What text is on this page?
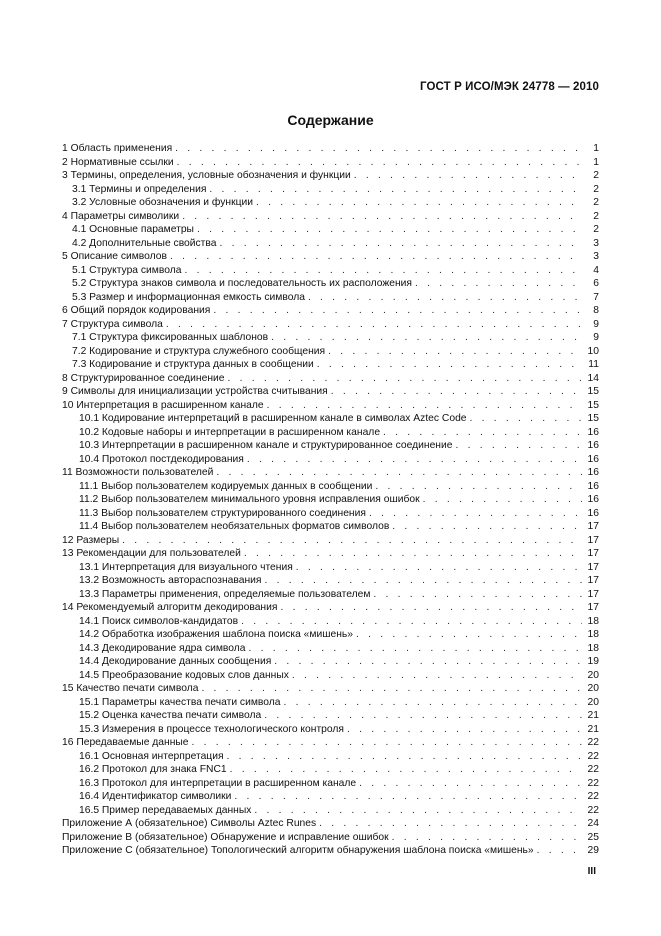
ГОСТ Р ИСО/МЭК 24778 — 2010
Содержание
1 Область применения . . .	1
2 Нормативные ссылки . . .	1
3 Термины, определения, условные обозначения и функции . . .	2
3.1 Термины и определения . . .	2
3.2 Условные обозначения и функции . . .	2
4 Параметры символики . . .	2
4.1 Основные параметры . . .	2
4.2 Дополнительные свойства . . .	3
5 Описание символов . . .	3
5.1 Структура символа . . .	4
5.2 Структура знаков символа и последовательность их расположения . . .	6
5.3 Размер и информационная емкость символа . . .	7
6 Общий порядок кодирования . . .	8
7 Структура символа . . .	9
7.1 Структура фиксированных шаблонов . . .	9
7.2 Кодирование и структура служебного сообщения . . .	10
7.3 Кодирование и структура данных в сообщении . . .	11
8 Структурированное соединение . . .	14
9 Символы для инициализации устройства считывания . . .	15
10 Интерпретация в расширенном канале . . .	15
10.1 Кодирование интерпретаций в расширенном канале в символах Aztec Code . . .	15
10.2 Кодовые наборы и интерпретации в расширенном канале . . .	16
10.3 Интерпретации в расширенном канале и структурированное соединение . . .	16
10.4 Протокол постдекодирования . . .	16
11 Возможности пользователей . . .	16
11.1 Выбор пользователем кодируемых данных в сообщении . . .	16
11.2 Выбор пользователем минимального уровня исправления ошибок . . .	16
11.3 Выбор пользователем структурированного соединения . . .	16
11.4 Выбор пользователем необязательных форматов символов . . .	17
12 Размеры . . .	17
13 Рекомендации для пользователей . . .	17
13.1 Интерпретация для визуального чтения . . .	17
13.2 Возможность автораспознавания . . .	17
13.3 Параметры применения, определяемые пользователем . . .	17
14 Рекомендуемый алгоритм декодирования . . .	17
14.1 Поиск символов-кандидатов . . .	18
14.2 Обработка изображения шаблона поиска «мишень» . . .	18
14.3 Декодирование ядра символа . . .	18
14.4 Декодирование данных сообщения . . .	19
14.5 Преобразование кодовых слов данных . . .	20
15 Качество печати символа . . .	20
15.1 Параметры качества печати символа . . .	20
15.2 Оценка качества печати символа . . .	21
15.3 Измерения в процессе технологического контроля . . .	21
16 Передаваемые данные . . .	22
16.1 Основная интерпретация . . .	22
16.2 Протокол для знака FNC1 . . .	22
16.3 Протокол для интерпретации в расширенном канале . . .	22
16.4 Идентификатор символики . . .	22
16.5 Пример передаваемых данных . . .	22
Приложение А (обязательное) Символы Aztec Runes . . .	24
Приложение В (обязательное) Обнаружение и исправление ошибок . . .	25
Приложение С (обязательное) Топологический алгоритм обнаружения шаблона поиска «мишень» . . .	29
III
